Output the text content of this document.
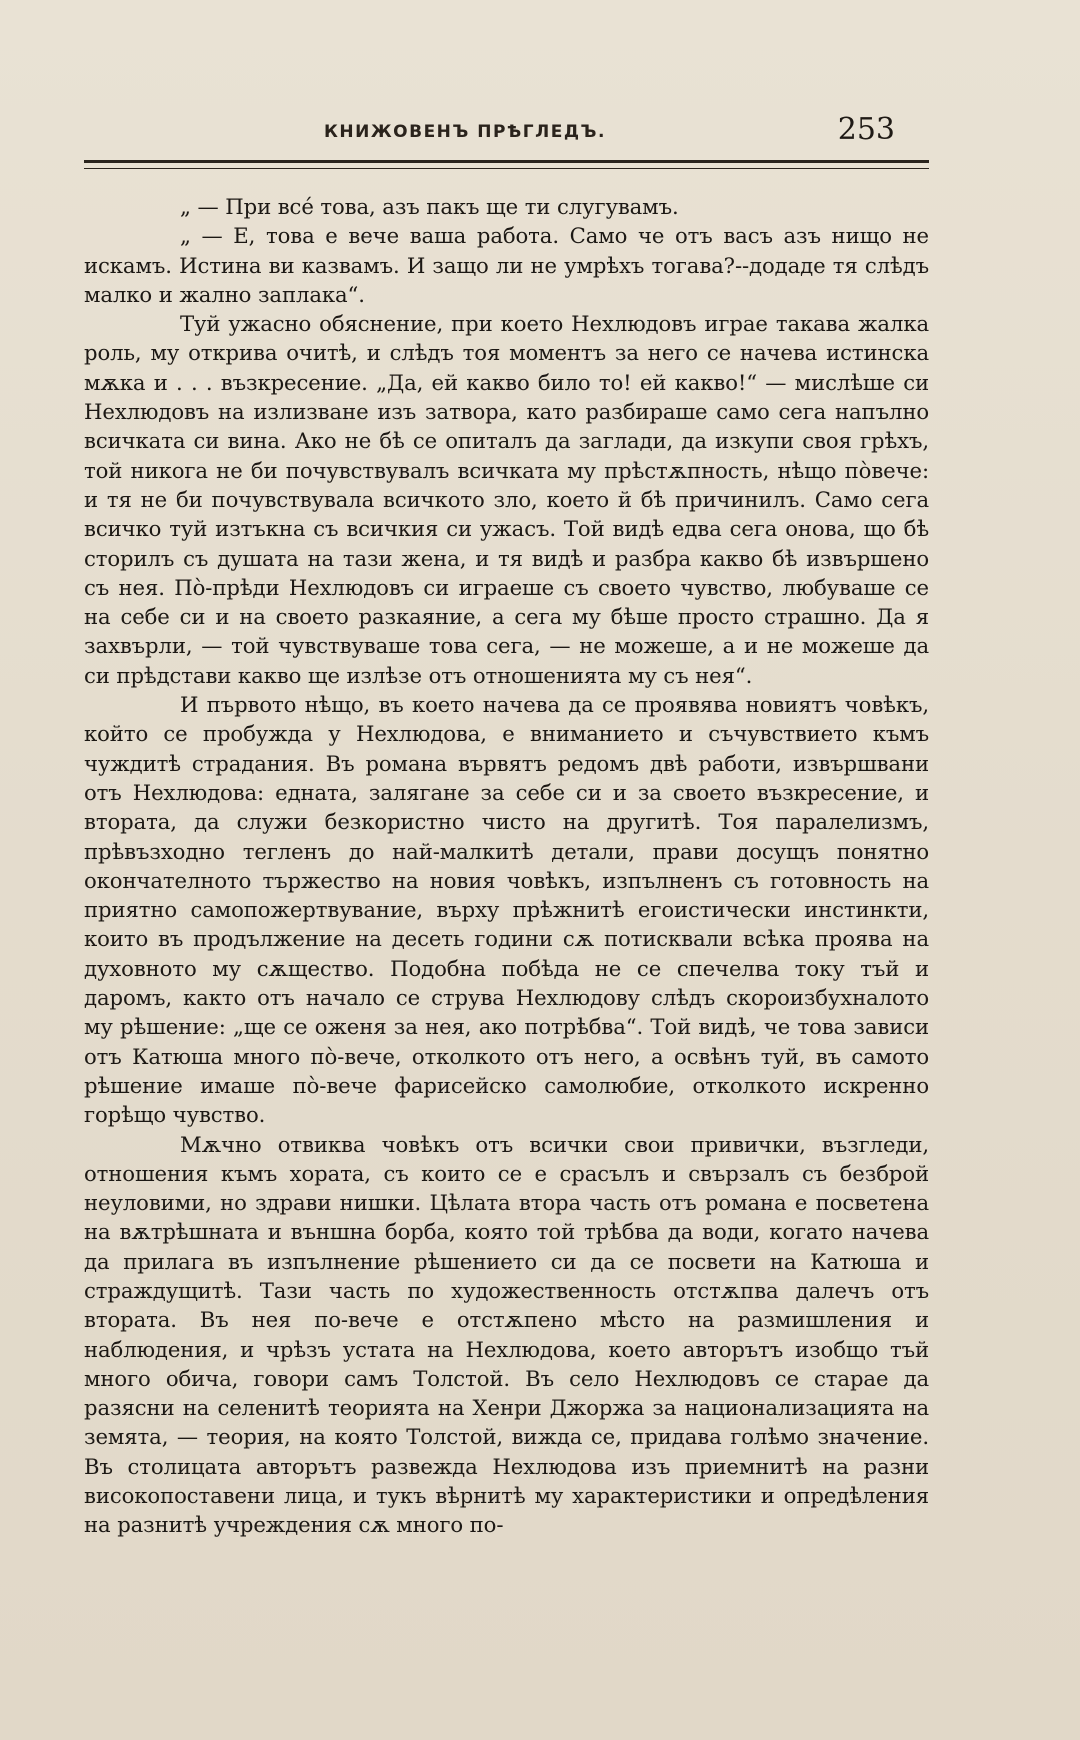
КНИЖОВЕНЪ ПРѢГЛЕДЪ.	253

„ — При всé това, азъ пакъ ще ти слугувамъ.

„ — Е, това е вече ваша работа. Само че отъ васъ азъ нищо не искамъ. Истина ви казвамъ. И защо ли не умрѣхъ тогава?--додаде тя слѣдъ малко и жално заплака“.

Туй ужасно обяснение, при което Нехлюдовъ играе такава жалка роль, му открива очитѣ, и слѣдъ тоя моментъ за него се начева истинска мѫка и . . . възкресение. „Да, ей какво било то! ей какво!“ — мислѣше си Нехлюдовъ на излизване изъ затвора, като разбираше само сега напълно всичката си вина. Ако не бѣ се опиталъ да заглади, да изкупи своя грѣхъ, той никога не би почувствувалъ всичката му прѣстѫпность, нѣщо пòвече: и тя не би почувствувала всичкото зло, което й бѣ причинилъ. Само сега всичко туй изтъкна съ всичкия си ужасъ. Той видѣ едва сега онова, що бѣ сторилъ съ душата на тази жена, и тя видѣ и разбра какво бѣ извършено съ нея. Пò-прѣди Нехлюдовъ си играеше съ своето чувство, любуваше се на себе си и на своето разкаяние, а сега му бѣше просто страшно. Да я захвърли, — той чувствуваше това сега, — не можеше, а и не можеше да си прѣдстави какво ще излѣзе отъ отношенията му съ нея“.

И първото нѣщо, въ което начева да се проявява новиятъ човѣкъ, който се пробужда у Нехлюдова, е вниманието и съчувствието къмъ чуждитѣ страдания. Въ романа вървятъ редомъ двѣ работи, извършвани отъ Нехлюдова: едната, залягане за себе си и за своето възкресение, и втората, да служи безкористно чисто на другитѣ. Тоя паралелизмъ, прѣвъзходно тегленъ до най-малкитѣ детали, прави досущъ понятно окончателното тържество на новия човѣкъ, изпълненъ съ готовность на приятно самопожертвувание, върху прѣжнитѣ егоистически инстинкти, които въ продължение на десеть години сѫ потисквали всѣка проява на духовното му сѫщество. Подобна побѣда не се спечелва току тъй и даромъ, както отъ начало се струва Нехлюдову слѣдъ скороизбухналото му рѣшение: „ще се оженя за нея, ако потрѣбва“. Той видѣ, че това зависи отъ Катюша много пò-вече, отколкото отъ него, а освѣнъ туй, въ самото рѣшение имаше пò-вече фарисейско самолюбие, отколкото искренно горѣщо чувство.

Мѫчно отвиква човѣкъ отъ всички свои привички, възгледи, отношения къмъ хората, съ които се е срасълъ и свързалъ съ безброй неуловими, но здрави нишки. Цѣлата втора часть отъ романа е посветена на вѫтрѣшната и външна борба, която той трѣбва да води, когато начева да прилага въ изпълнение рѣшението си да се посвети на Катюша и страждущитѣ. Тази часть по художественность отстѫпва далечъ отъ втората. Въ нея по-вече е отстѫпено мѣсто на размишления и наблюдения, и чрѣзъ устата на Нехлюдова, което авторътъ изобщо тъй много обича, говори самъ Толстой. Въ село Нехлюдовъ се старае да разясни на селенитѣ теорията на Хенри Джоржа за национализацията на земята, — теория, на която Толстой, вижда се, придава голѣмо значение. Въ столицата авторътъ развежда Нехлюдова изъ приемнитѣ на разни високопоставени лица, и тукъ вѣрнитѣ му характеристики и опредѣления на разнитѣ учреждения сѫ много по-
